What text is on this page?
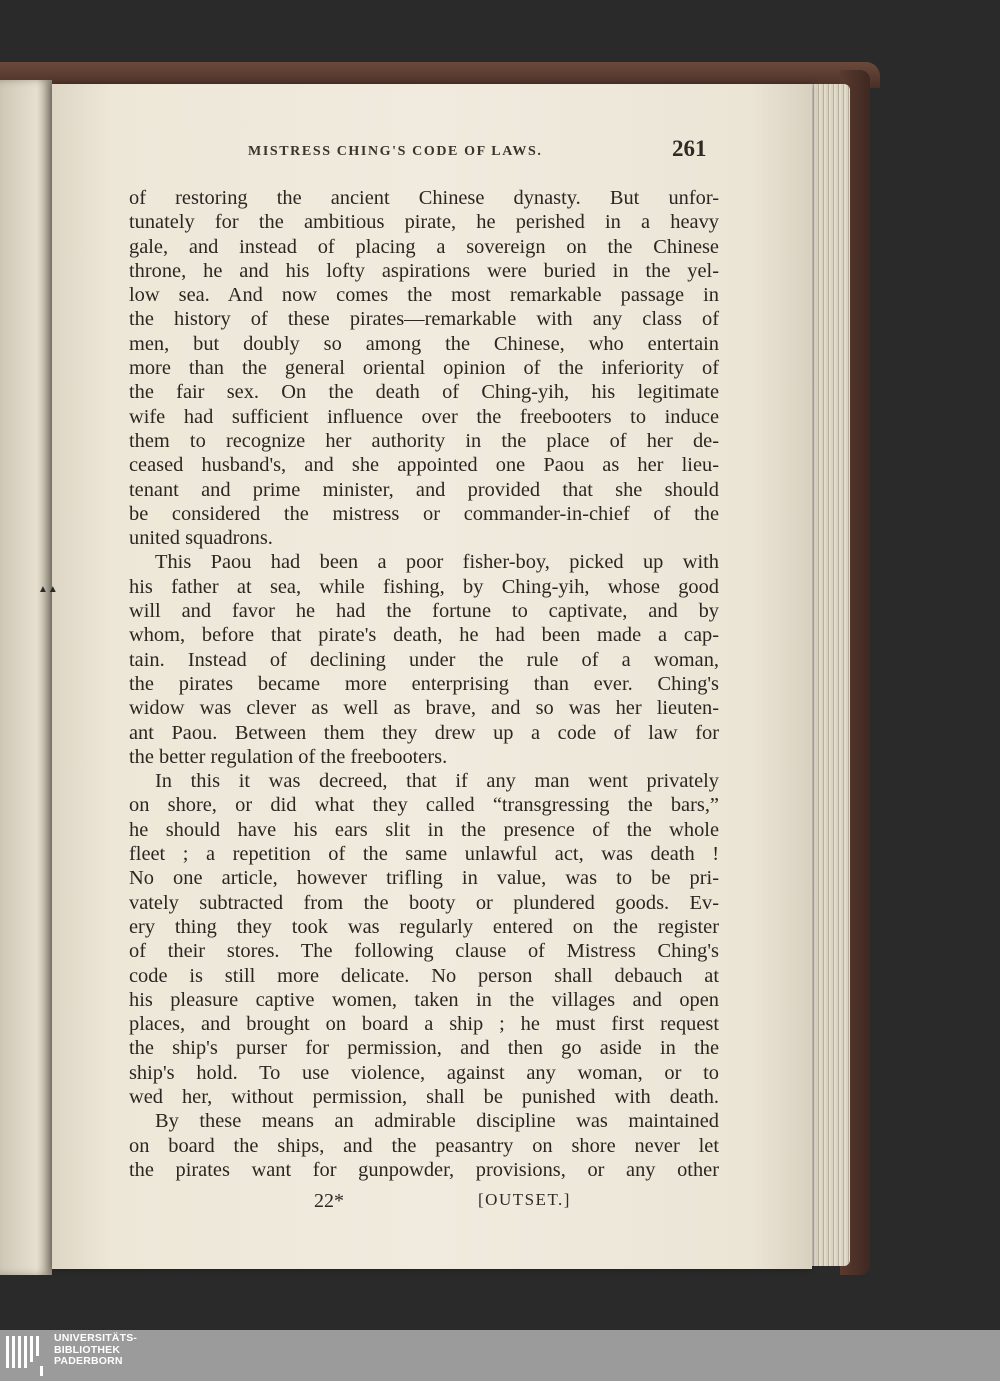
MISTRESS CHING'S CODE OF LAWS.	261
▲▲
of restoring the ancient Chinese dynasty. But unfor-
tunately for the ambitious pirate, he perished in a heavy
gale, and instead of placing a sovereign on the Chinese
throne, he and his lofty aspirations were buried in the yel-
low sea. And now comes the most remarkable passage in
the history of these pirates—remarkable with any class of
men, but doubly so among the Chinese, who entertain
more than the general oriental opinion of the inferiority of
the fair sex. On the death of Ching-yih, his legitimate
wife had sufficient influence over the freebooters to induce
them to recognize her authority in the place of her de-
ceased husband's, and she appointed one Paou as her lieu-
tenant and prime minister, and provided that she should
be considered the mistress or commander-in-chief of the
united squadrons.
This Paou had been a poor fisher-boy, picked up with
his father at sea, while fishing, by Ching-yih, whose good
will and favor he had the fortune to captivate, and by
whom, before that pirate's death, he had been made a cap-
tain. Instead of declining under the rule of a woman,
the pirates became more enterprising than ever. Ching's
widow was clever as well as brave, and so was her lieuten-
ant Paou. Between them they drew up a code of law for
the better regulation of the freebooters.
In this it was decreed, that if any man went privately
on shore, or did what they called “transgressing the bars,”
he should have his ears slit in the presence of the whole
fleet ; a repetition of the same unlawful act, was death !
No one article, however trifling in value, was to be pri-
vately subtracted from the booty or plundered goods. Ev-
ery thing they took was regularly entered on the register
of their stores. The following clause of Mistress Ching's
code is still more delicate. No person shall debauch at
his pleasure captive women, taken in the villages and open
places, and brought on board a ship ; he must first request
the ship's purser for permission, and then go aside in the
ship's hold. To use violence, against any woman, or to
wed her, without permission, shall be punished with death.
By these means an admirable discipline was maintained
on board the ships, and the peasantry on shore never let
the pirates want for gunpowder, provisions, or any other
22*	[OUTSET.]
UNIVERSITÄTS-
BIBLIOTHEK
PADERBORN
